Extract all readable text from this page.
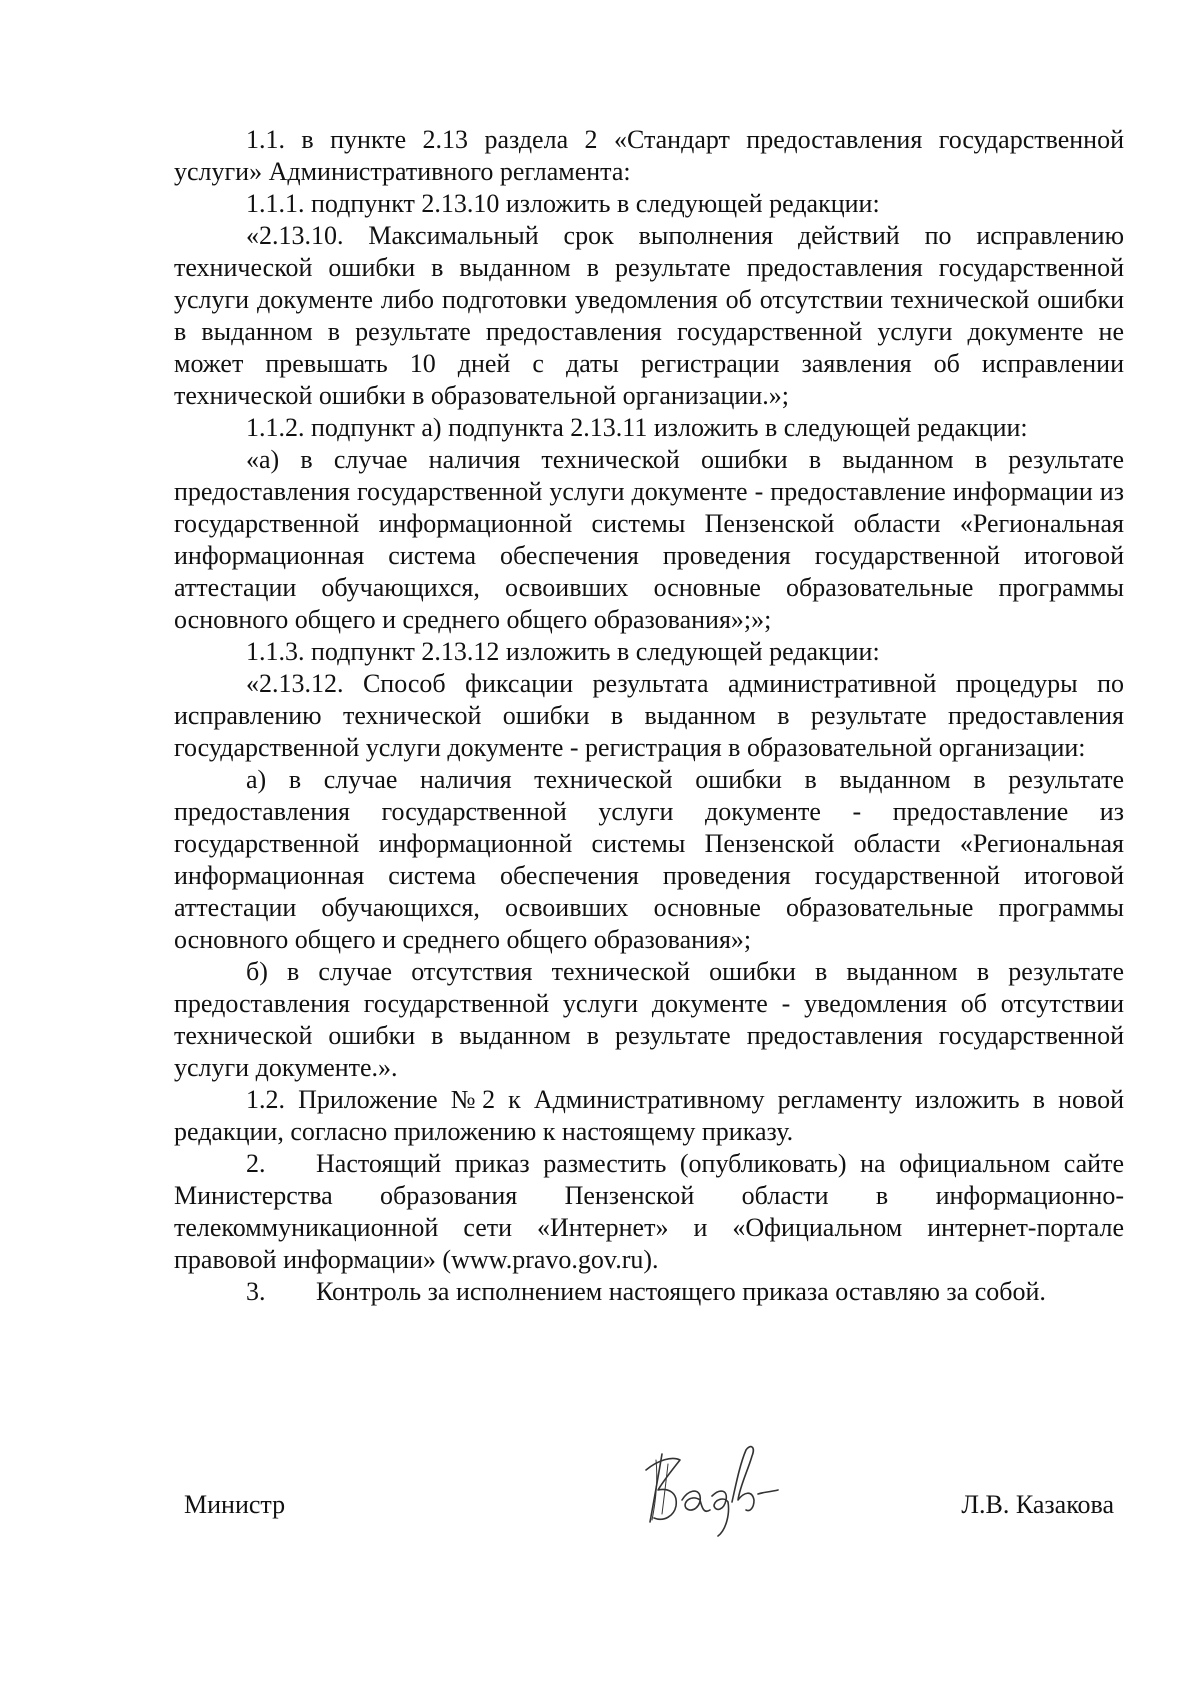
1.1. в пункте 2.13 раздела 2 «Стандарт предоставления государственной услуги» Административного регламента:

1.1.1. подпункт 2.13.10 изложить в следующей редакции:

«2.13.10. Максимальный срок выполнения действий по исправлению технической ошибки в выданном в результате предоставления государственной услуги документе либо подготовки уведомления об отсутствии технической ошибки в выданном в результате предоставления государственной услуги документе не может превышать 10 дней с даты регистрации заявления об исправлении технической ошибки в образовательной организации.»;

1.1.2. подпункт а) подпункта 2.13.11 изложить в следующей редакции:

«а) в случае наличия технической ошибки в выданном в результате предоставления государственной услуги документе - предоставление информации из государственной информационной системы Пензенской области «Региональная информационная система обеспечения проведения государственной итоговой аттестации обучающихся, освоивших основные образовательные программы основного общего и среднего общего образования»;»;

1.1.3. подпункт 2.13.12 изложить в следующей редакции:

«2.13.12. Способ фиксации результата административной процедуры по исправлению технической ошибки в выданном в результате предоставления государственной услуги документе - регистрация в образовательной организации:

а) в случае наличия технической ошибки в выданном в результате предоставления государственной услуги документе - предоставление из государственной информационной системы Пензенской области «Региональная информационная система обеспечения проведения государственной итоговой аттестации обучающихся, освоивших основные образовательные программы основного общего и среднего общего образования»;

б) в случае отсутствия технической ошибки в выданном в результате предоставления государственной услуги документе - уведомления об отсутствии технической ошибки в выданном в результате предоставления государственной услуги документе.».

1.2. Приложение №2 к Административному регламенту изложить в новой редакции, согласно приложению к настоящему приказу.

2. Настоящий приказ разместить (опубликовать) на официальном сайте Министерства образования Пензенской области в информационно-телекоммуникационной сети «Интернет» и «Официальном интернет-портале правовой информации» (www.pravo.gov.ru).

3. Контроль за исполнением настоящего приказа оставляю за собой.

Министр	Л.В. Казакова
